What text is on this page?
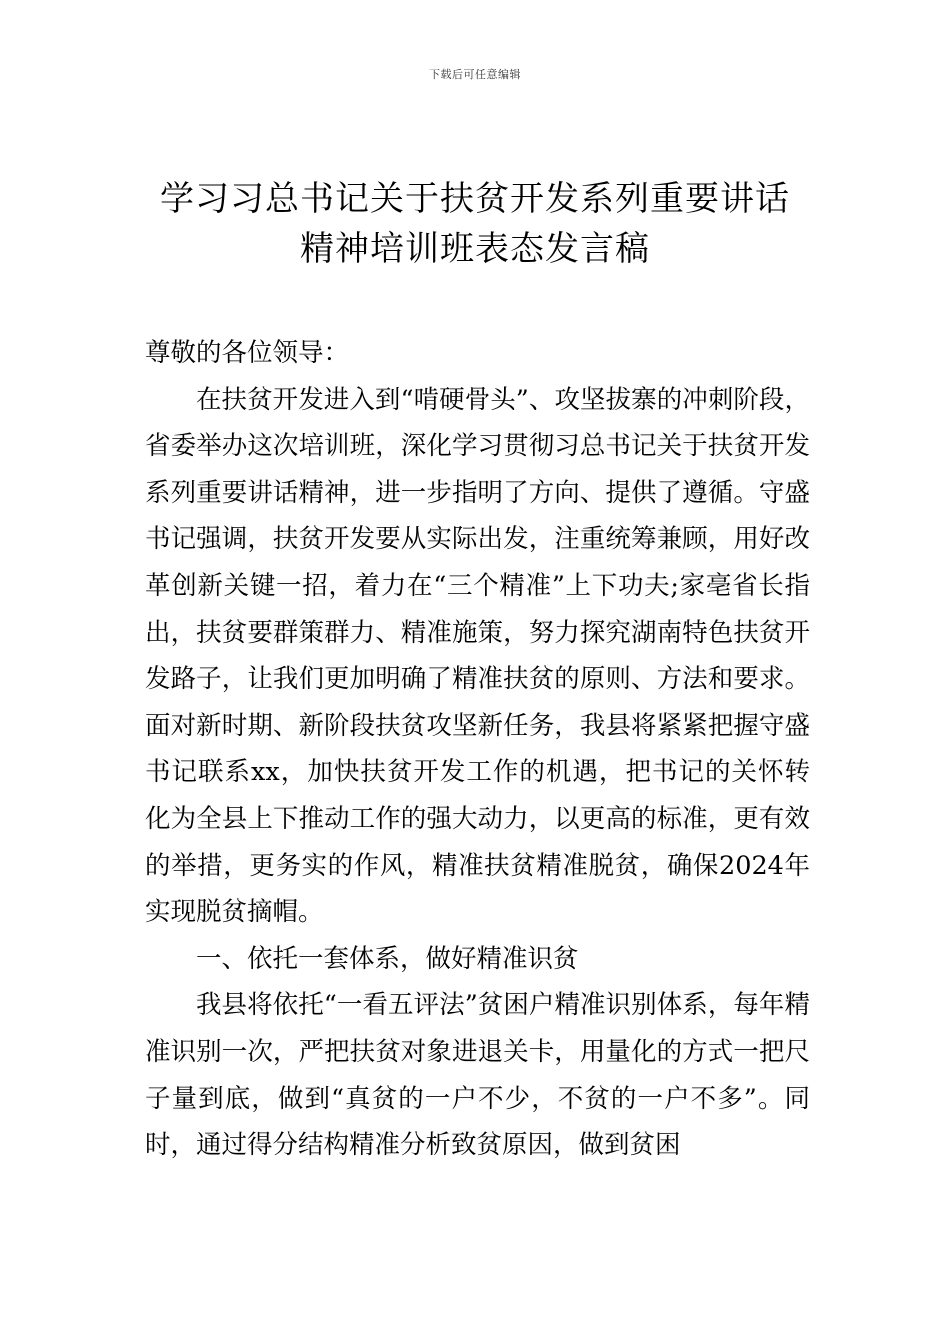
下载后可任意编辑
学习习总书记关于扶贫开发系列重要讲话
精神培训班表态发言稿

尊敬的各位领导：

在扶贫开发进入到“啃硬骨头”、攻坚拔寨的冲刺阶段，省委举办这次培训班，深化学习贯彻习总书记关于扶贫开发系列重要讲话精神，进一步指明了方向、提供了遵循。守盛书记强调，扶贫开发要从实际出发，注重统筹兼顾，用好改革创新关键一招，着力在“三个精准”上下功夫;家亳省长指出，扶贫要群策群力、精准施策，努力探究湖南特色扶贫开发路子，让我们更加明确了精准扶贫的原则、方法和要求。面对新时期、新阶段扶贫攻坚新任务，我县将紧紧把握守盛书记联系xx，加快扶贫开发工作的机遇，把书记的关怀转化为全县上下推动工作的强大动力，以更高的标准，更有效的举措，更务实的作风，精准扶贫精准脱贫，确保2024年实现脱贫摘帽。

一、依托一套体系，做好精准识贫

我县将依托“一看五评法”贫困户精准识别体系，每年精准识别一次，严把扶贫对象进退关卡，用量化的方式一把尺子量到底，做到“真贫的一户不少，不贫的一户不多”。同时，通过得分结构精准分析致贫原因，做到贫困
